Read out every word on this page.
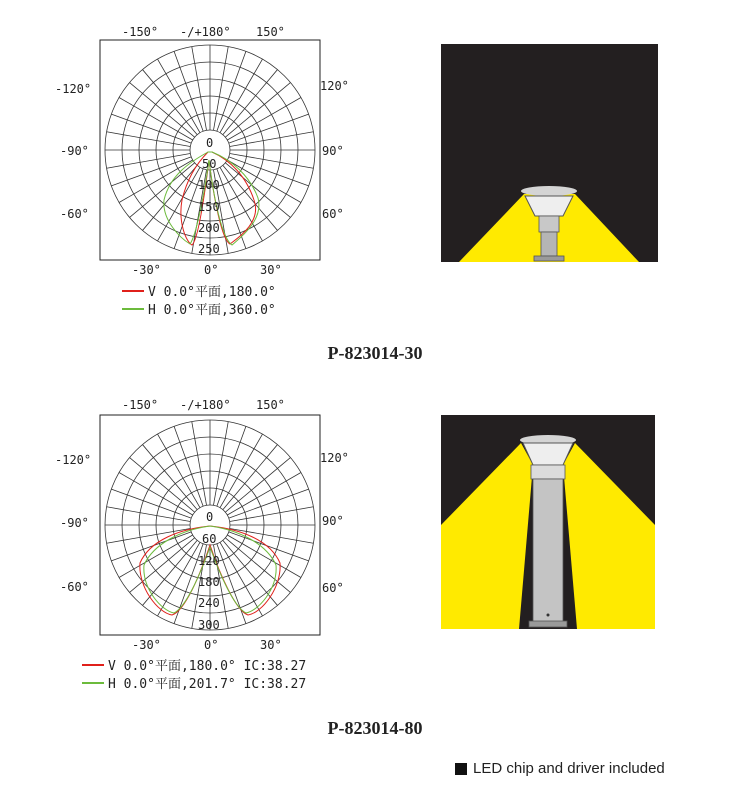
-150° -/+180° 150°
-120°
-90°
-60°
120°
90°
60°
0
50
100
150
200
250
-30°	0°	30°
V 0.0°平面,180.0°
H 0.0°平面,360.0°
P-823014-30
-150° -/+180° 150°
-120°
-90°
-60°
120°
90°
60°
0
60
120
180
240
300
-30°	0°	30°
V 0.0°平面,180.0° IC:38.27
H 0.0°平面,201.7° IC:38.27
P-823014-80
LED chip and driver included
